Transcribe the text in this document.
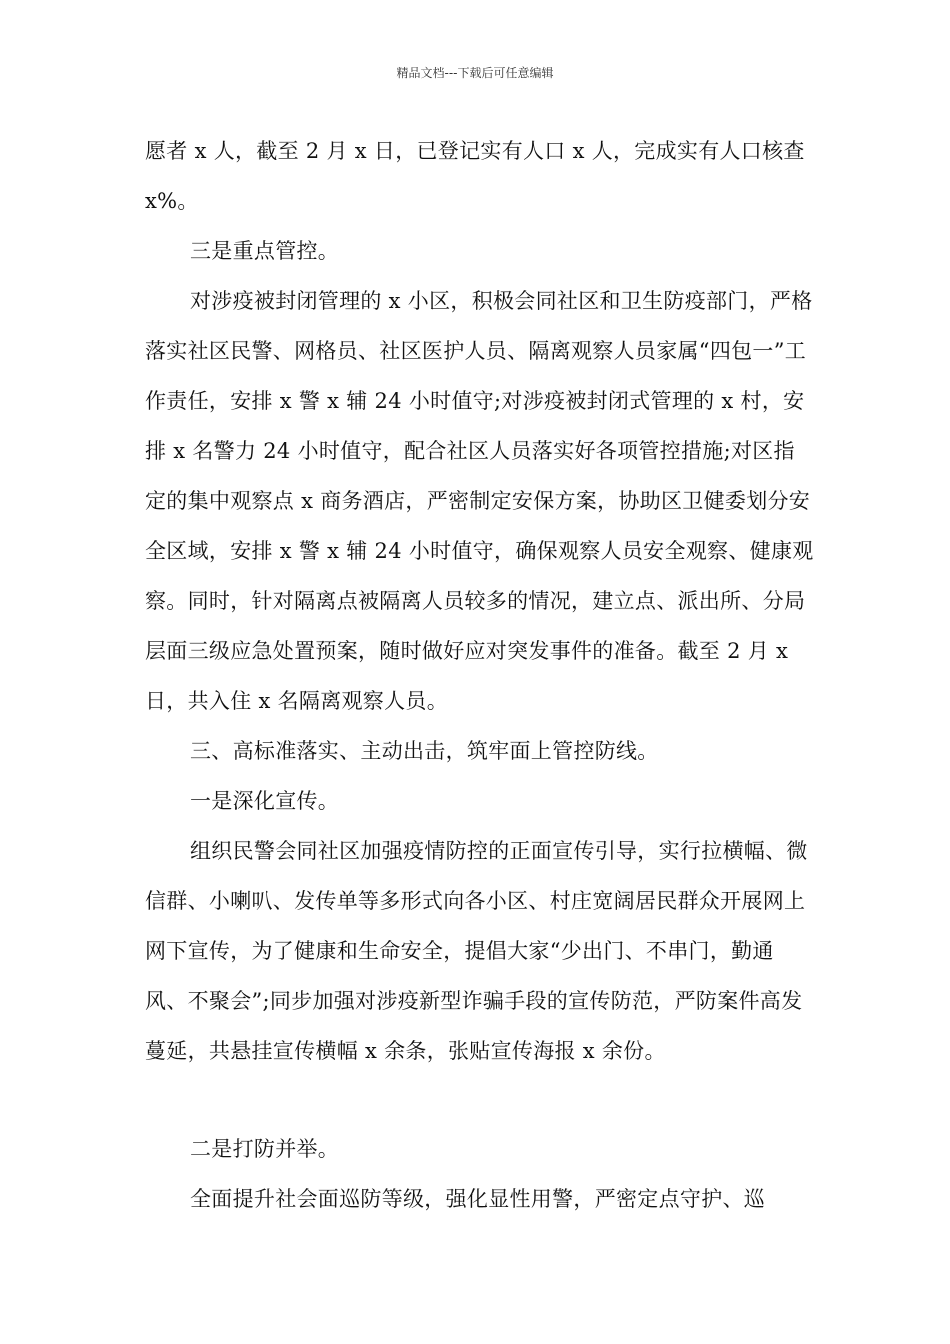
精品文档---下载后可任意编辑

愿者 x 人，截至 2 月 x 日，已登记实有人口 x 人，完成实有人口核查 x%。

三是重点管控。

对涉疫被封闭管理的 x 小区，积极会同社区和卫生防疫部门，严格落实社区民警、网格员、社区医护人员、隔离观察人员家属“四包一”工作责任，安排 x 警 x 辅 24 小时值守;对涉疫被封闭式管理的 x 村，安排 x 名警力 24 小时值守，配合社区人员落实好各项管控措施;对区指定的集中观察点 x 商务酒店，严密制定安保方案，协助区卫健委划分安全区域，安排 x 警 x 辅 24 小时值守，确保观察人员安全观察、健康观察。同时，针对隔离点被隔离人员较多的情况，建立点、派出所、分局层面三级应急处置预案，随时做好应对突发事件的准备。截至 2 月 x 日，共入住 x 名隔离观察人员。

三、高标准落实、主动出击，筑牢面上管控防线。

一是深化宣传。

组织民警会同社区加强疫情防控的正面宣传引导，实行拉横幅、微信群、小喇叭、发传单等多形式向各小区、村庄宽阔居民群众开展网上网下宣传，为了健康和生命安全，提倡大家“少出门、不串门，勤通风、不聚会”;同步加强对涉疫新型诈骗手段的宣传防范，严防案件高发蔓延，共悬挂宣传横幅 x 余条，张贴宣传海报 x 余份。

二是打防并举。

全面提升社会面巡防等级，强化显性用警，严密定点守护、巡
